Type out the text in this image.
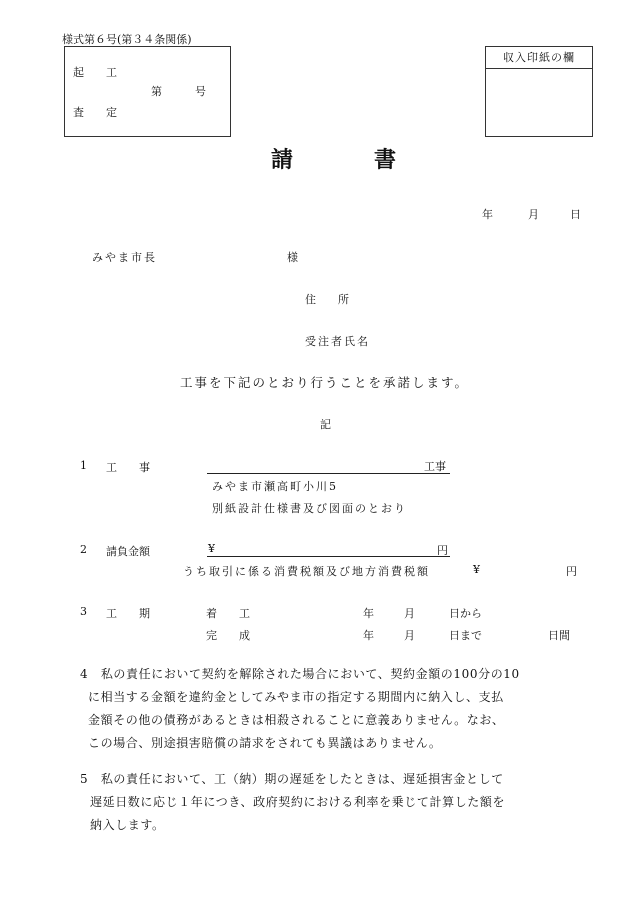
様式第６号(第３４条関係)
起　　工
第　　　号
査　　定
収入印紙の欄
請	書
年	月	日
みやま市長	様
住　　所
受注者氏名
工事を下記のとおり行うことを承諾します。
記
1 工　　事	工事
みやま市瀬高町小川5
別紙設計仕様書及び図面のとおり
2 請負金額	¥	円
うち取引に係る消費税額及び地方消費税額	¥	円
3 工　　期	着　　工	年	月	日から
完　　成	年	月	日まで	日間
4　私の責任において契約を解除された場合において、契約金額の100分の10
に相当する金額を違約金としてみやま市の指定する期間内に納入し、支払
金額その他の債務があるときは相殺されることに意義ありません。なお、
この場合、別途損害賠償の請求をされても異議はありません。
5　私の責任において、工（納）期の遅延をしたときは、遅延損害金として
遅延日数に応じ１年につき、政府契約における利率を乗じて計算した額を
納入します。
